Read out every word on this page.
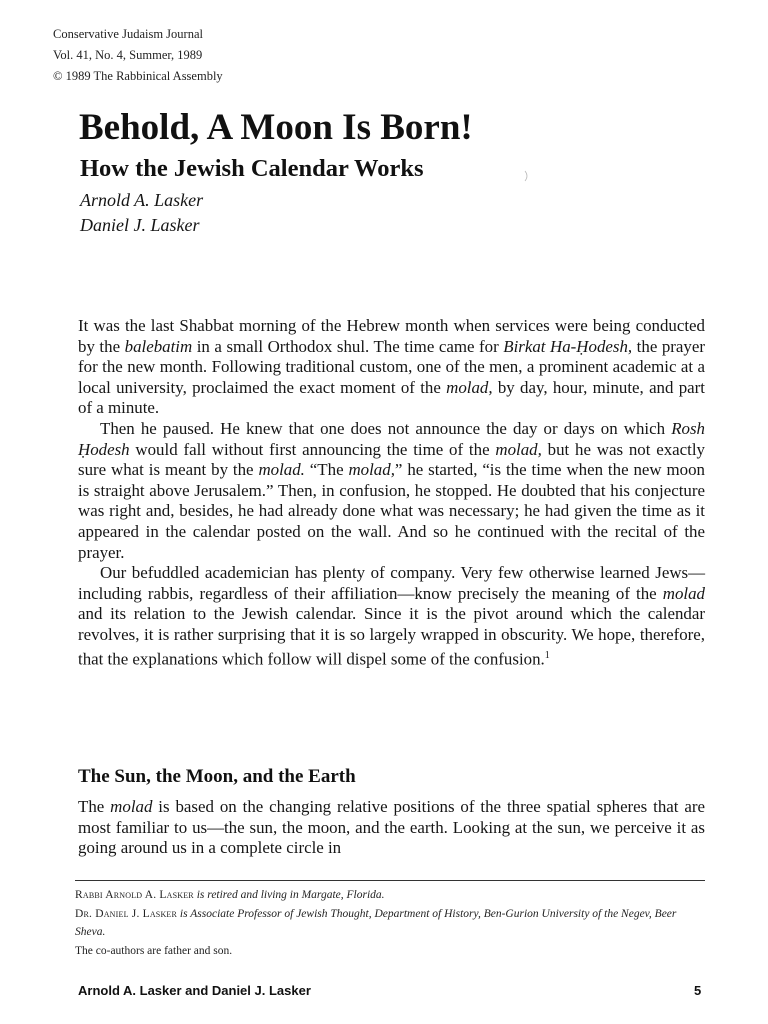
Conservative Judaism Journal
Vol. 41, No. 4, Summer, 1989
© 1989 The Rabbinical Assembly
Behold, A Moon Is Born!
How the Jewish Calendar Works
Arnold A. Lasker
Daniel J. Lasker

It was the last Shabbat morning of the Hebrew month when services were being conducted by the balebatim in a small Orthodox shul. The time came for Birkat Ha-Ḥodesh, the prayer for the new month. Following traditional custom, one of the men, a prominent academic at a local university, proclaimed the exact moment of the molad, by day, hour, minute, and part of a minute.

Then he paused. He knew that one does not announce the day or days on which Rosh Ḥodesh would fall without first announcing the time of the molad, but he was not exactly sure what is meant by the molad. “The molad,” he started, “is the time when the new moon is straight above Jerusalem.” Then, in confusion, he stopped. He doubted that his conjecture was right and, besides, he had already done what was necessary; he had given the time as it appeared in the calendar posted on the wall. And so he continued with the recital of the prayer.

Our befuddled academician has plenty of company. Very few otherwise learned Jews—including rabbis, regardless of their affiliation—know precisely the meaning of the molad and its relation to the Jewish calendar. Since it is the pivot around which the calendar revolves, it is rather surprising that it is so largely wrapped in obscurity. We hope, therefore, that the explanations which follow will dispel some of the confusion.$^1$

The Sun, the Moon, and the Earth

The molad is based on the changing relative positions of the three spatial spheres that are most familiar to us—the sun, the moon, and the earth. Looking at the sun, we perceive it as going around us in a complete circle in

Rabbi Arnold A. Lasker is retired and living in Margate, Florida.

Dr. Daniel J. Lasker is Associate Professor of Jewish Thought, Department of History, Ben-Gurion University of the Negev, Beer Sheva.

The co-authors are father and son.

Arnold A. Lasker and Daniel J. Lasker	5
